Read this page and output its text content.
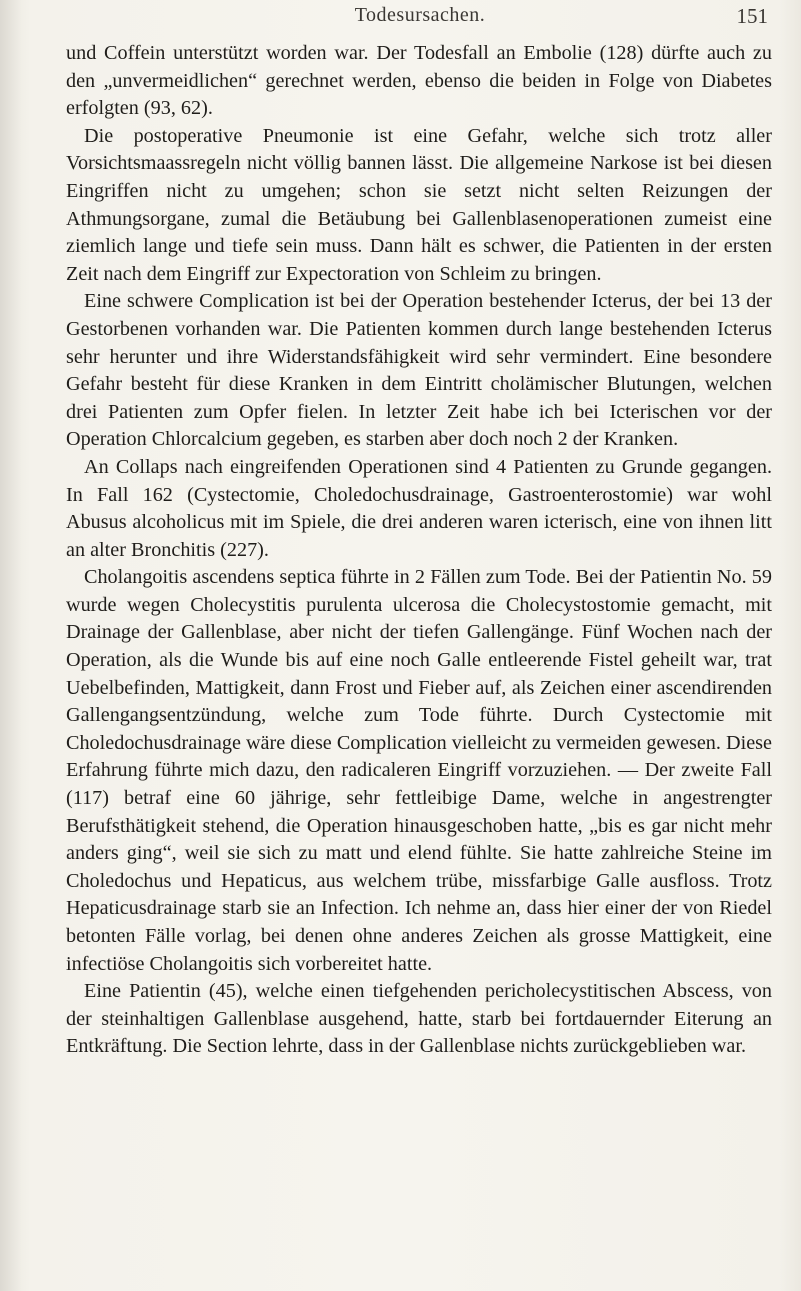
Todesursachen.	151

und Coffein unterstützt worden war. Der Todesfall an Embolie (128) dürfte auch zu den „unvermeidlichen“ gerechnet werden, ebenso die beiden in Folge von Diabetes erfolgten (93, 62).

Die postoperative Pneumonie ist eine Gefahr, welche sich trotz aller Vorsichtsmaassregeln nicht völlig bannen lässt. Die allgemeine Narkose ist bei diesen Eingriffen nicht zu umgehen; schon sie setzt nicht selten Reizungen der Athmungsorgane, zumal die Betäubung bei Gallenblasenoperationen zumeist eine ziemlich lange und tiefe sein muss. Dann hält es schwer, die Patienten in der ersten Zeit nach dem Eingriff zur Expectoration von Schleim zu bringen.

Eine schwere Complication ist bei der Operation bestehender Icterus, der bei 13 der Gestorbenen vorhanden war. Die Patienten kommen durch lange bestehenden Icterus sehr herunter und ihre Widerstandsfähigkeit wird sehr vermindert. Eine besondere Gefahr besteht für diese Kranken in dem Eintritt cholämischer Blutungen, welchen drei Patienten zum Opfer fielen. In letzter Zeit habe ich bei Icterischen vor der Operation Chlorcalcium gegeben, es starben aber doch noch 2 der Kranken.

An Collaps nach eingreifenden Operationen sind 4 Patienten zu Grunde gegangen. In Fall 162 (Cystectomie, Choledochusdrainage, Gastroenterostomie) war wohl Abusus alcoholicus mit im Spiele, die drei anderen waren icterisch, eine von ihnen litt an alter Bronchitis (227).

Cholangoitis ascendens septica führte in 2 Fällen zum Tode. Bei der Patientin No. 59 wurde wegen Cholecystitis purulenta ulcerosa die Cholecystostomie gemacht, mit Drainage der Gallenblase, aber nicht der tiefen Gallengänge. Fünf Wochen nach der Operation, als die Wunde bis auf eine noch Galle entleerende Fistel geheilt war, trat Uebelbefinden, Mattigkeit, dann Frost und Fieber auf, als Zeichen einer ascendirenden Gallengangsentzündung, welche zum Tode führte. Durch Cystectomie mit Choledochusdrainage wäre diese Complication vielleicht zu vermeiden gewesen. Diese Erfahrung führte mich dazu, den radicaleren Eingriff vorzuziehen. — Der zweite Fall (117) betraf eine 60 jährige, sehr fettleibige Dame, welche in angestrengter Berufsthätigkeit stehend, die Operation hinausgeschoben hatte, „bis es gar nicht mehr anders ging“, weil sie sich zu matt und elend fühlte. Sie hatte zahlreiche Steine im Choledochus und Hepaticus, aus welchem trübe, missfarbige Galle ausfloss. Trotz Hepaticusdrainage starb sie an Infection. Ich nehme an, dass hier einer der von Riedel betonten Fälle vorlag, bei denen ohne anderes Zeichen als grosse Mattigkeit, eine infectiöse Cholangoitis sich vorbereitet hatte.

Eine Patientin (45), welche einen tiefgehenden pericholecystitischen Abscess, von der steinhaltigen Gallenblase ausgehend, hatte, starb bei fortdauernder Eiterung an Entkräftung. Die Section lehrte, dass in der Gallenblase nichts zurückgeblieben war.
